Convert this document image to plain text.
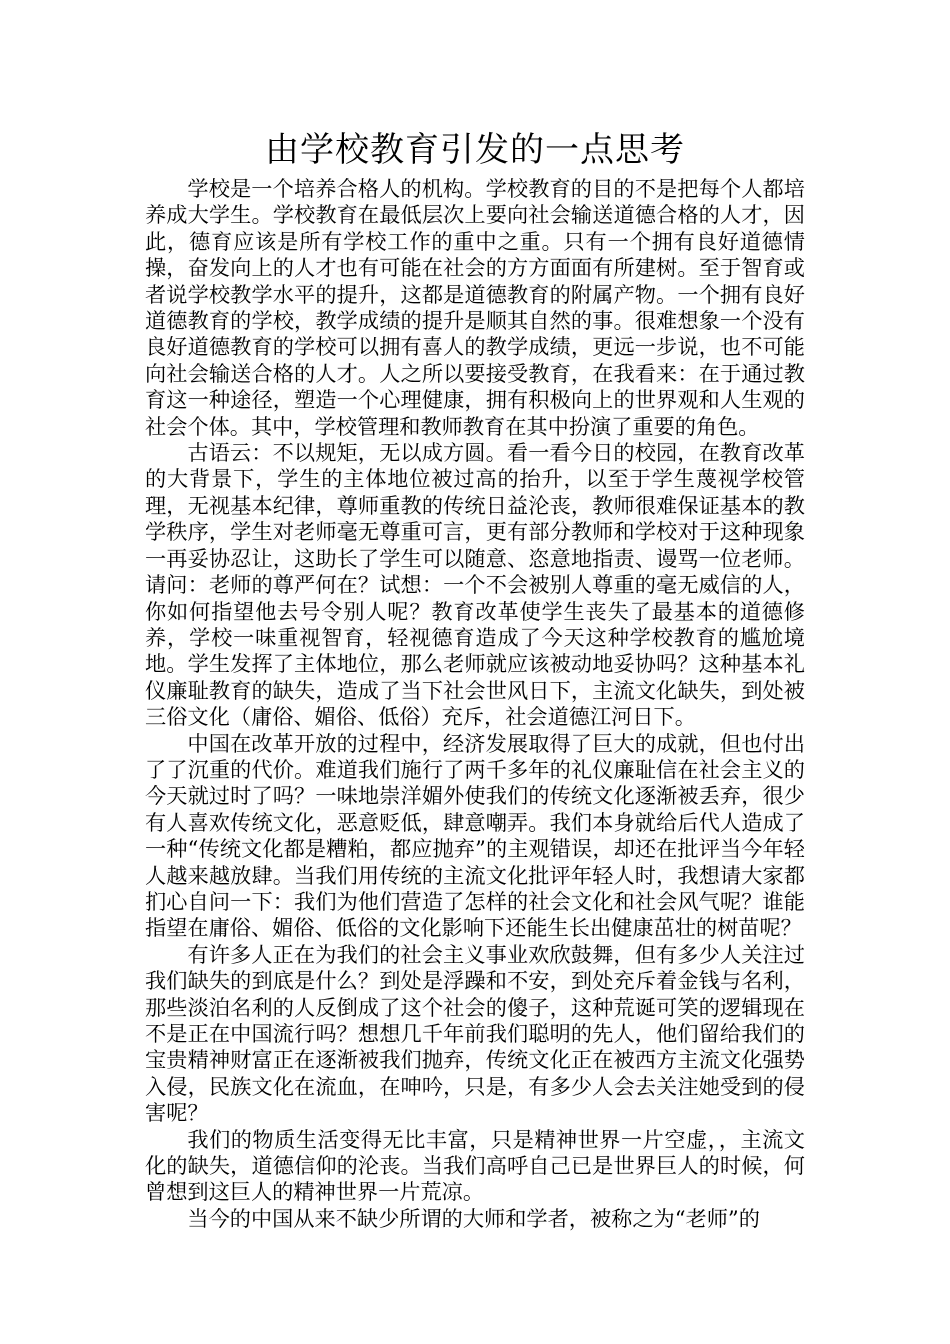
由学校教育引发的一点思考

学校是一个培养合格人的机构。学校教育的目的不是把每个人都培养成大学生。学校教育在最低层次上要向社会输送道德合格的人才，因此，德育应该是所有学校工作的重中之重。只有一个拥有良好道德情操，奋发向上的人才也有可能在社会的方方面面有所建树。至于智育或者说学校教学水平的提升，这都是道德教育的附属产物。一个拥有良好道德教育的学校，教学成绩的提升是顺其自然的事。很难想象一个没有良好道德教育的学校可以拥有喜人的教学成绩，更远一步说，也不可能向社会输送合格的人才。人之所以要接受教育，在我看来：在于通过教育这一种途径，塑造一个心理健康，拥有积极向上的世界观和人生观的社会个体。其中，学校管理和教师教育在其中扮演了重要的角色。

古语云：不以规矩，无以成方圆。看一看今日的校园，在教育改革的大背景下，学生的主体地位被过高的抬升，以至于学生蔑视学校管理，无视基本纪律，尊师重教的传统日益沦丧，教师很难保证基本的教学秩序，学生对老师毫无尊重可言，更有部分教师和学校对于这种现象一再妥协忍让，这助长了学生可以随意、恣意地指责、谩骂一位老师。请问：老师的尊严何在？试想：一个不会被别人尊重的毫无威信的人，你如何指望他去号令别人呢？教育改革使学生丧失了最基本的道德修养，学校一味重视智育，轻视德育造成了今天这种学校教育的尴尬境地。学生发挥了主体地位，那么老师就应该被动地妥协吗？这种基本礼仪廉耻教育的缺失，造成了当下社会世风日下，主流文化缺失，到处被三俗文化（庸俗、媚俗、低俗）充斥，社会道德江河日下。

中国在改革开放的过程中，经济发展取得了巨大的成就，但也付出了了沉重的代价。难道我们施行了两千多年的礼仪廉耻信在社会主义的今天就过时了吗？一味地崇洋媚外使我们的传统文化逐渐被丢弃，很少有人喜欢传统文化，恶意贬低，肆意嘲弄。我们本身就给后代人造成了一种“传统文化都是糟粕，都应抛弃”的主观错误，却还在批评当今年轻人越来越放肆。当我们用传统的主流文化批评年轻人时，我想请大家都扪心自问一下：我们为他们营造了怎样的社会文化和社会风气呢？谁能指望在庸俗、媚俗、低俗的文化影响下还能生长出健康茁壮的树苗呢？

有许多人正在为我们的社会主义事业欢欣鼓舞，但有多少人关注过我们缺失的到底是什么？到处是浮躁和不安，到处充斥着金钱与名利，那些淡泊名利的人反倒成了这个社会的傻子，这种荒诞可笑的逻辑现在不是正在中国流行吗？想想几千年前我们聪明的先人，他们留给我们的宝贵精神财富正在逐渐被我们抛弃，传统文化正在被西方主流文化强势入侵，民族文化在流血，在呻吟，只是，有多少人会去关注她受到的侵害呢？

我们的物质生活变得无比丰富，只是精神世界一片空虚，，主流文化的缺失，道德信仰的沦丧。当我们高呼自己已是世界巨人的时候，何曾想到这巨人的精神世界一片荒凉。

当今的中国从来不缺少所谓的大师和学者，被称之为“老师”的
